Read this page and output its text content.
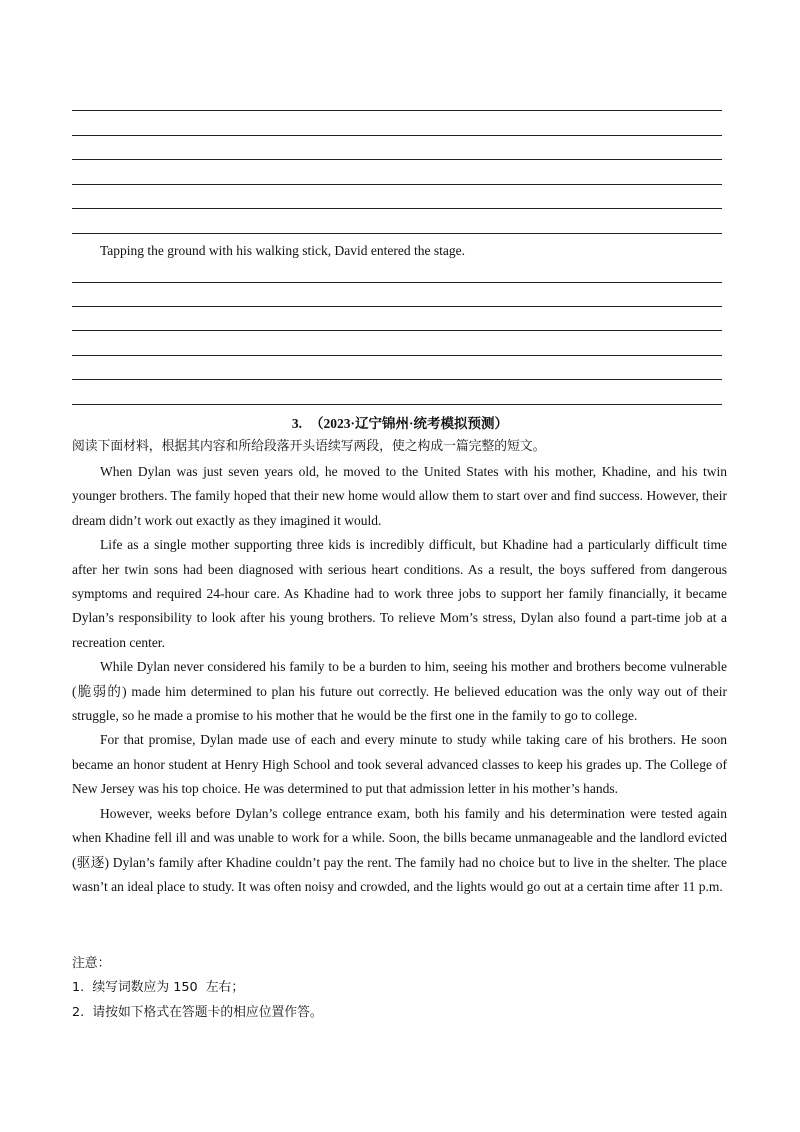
Tapping the ground with his walking stick, David entered the stage.
3. （2023·辽宁锦州·统考模拟预测）
阅读下面材料，根据其内容和所给段落开头语续写两段，使之构成一篇完整的短文。

When Dylan was just seven years old, he moved to the United States with his mother, Khadine, and his twin younger brothers. The family hoped that their new home would allow them to start over and find success. However, their dream didn’t work out exactly as they imagined it would.

Life as a single mother supporting three kids is incredibly difficult, but Khadine had a particularly difficult time after her twin sons had been diagnosed with serious heart conditions. As a result, the boys suffered from dangerous symptoms and required 24-hour care. As Khadine had to work three jobs to support her family financially, it became Dylan’s responsibility to look after his young brothers. To relieve Mom’s stress, Dylan also found a part-time job at a recreation center.

While Dylan never considered his family to be a burden to him, seeing his mother and brothers become vulnerable (脆弱的) made him determined to plan his future out correctly. He believed education was the only way out of their struggle, so he made a promise to his mother that he would be the first one in the family to go to college.

For that promise, Dylan made use of each and every minute to study while taking care of his brothers. He soon became an honor student at Henry High School and took several advanced classes to keep his grades up. The College of New Jersey was his top choice. He was determined to put that admission letter in his mother’s hands.

However, weeks before Dylan’s college entrance exam, both his family and his determination were tested again when Khadine fell ill and was unable to work for a while. Soon, the bills became unmanageable and the landlord evicted (驱逐) Dylan’s family after Khadine couldn’t pay the rent. The family had no choice but to live in the shelter. The place wasn’t an ideal place to study. It was often noisy and crowded, and the lights would go out at a certain time after 11 p.m.

注意：
1.  续写词数应为 150  左右；
2.  请按如下格式在答题卡的相应位置作答。
